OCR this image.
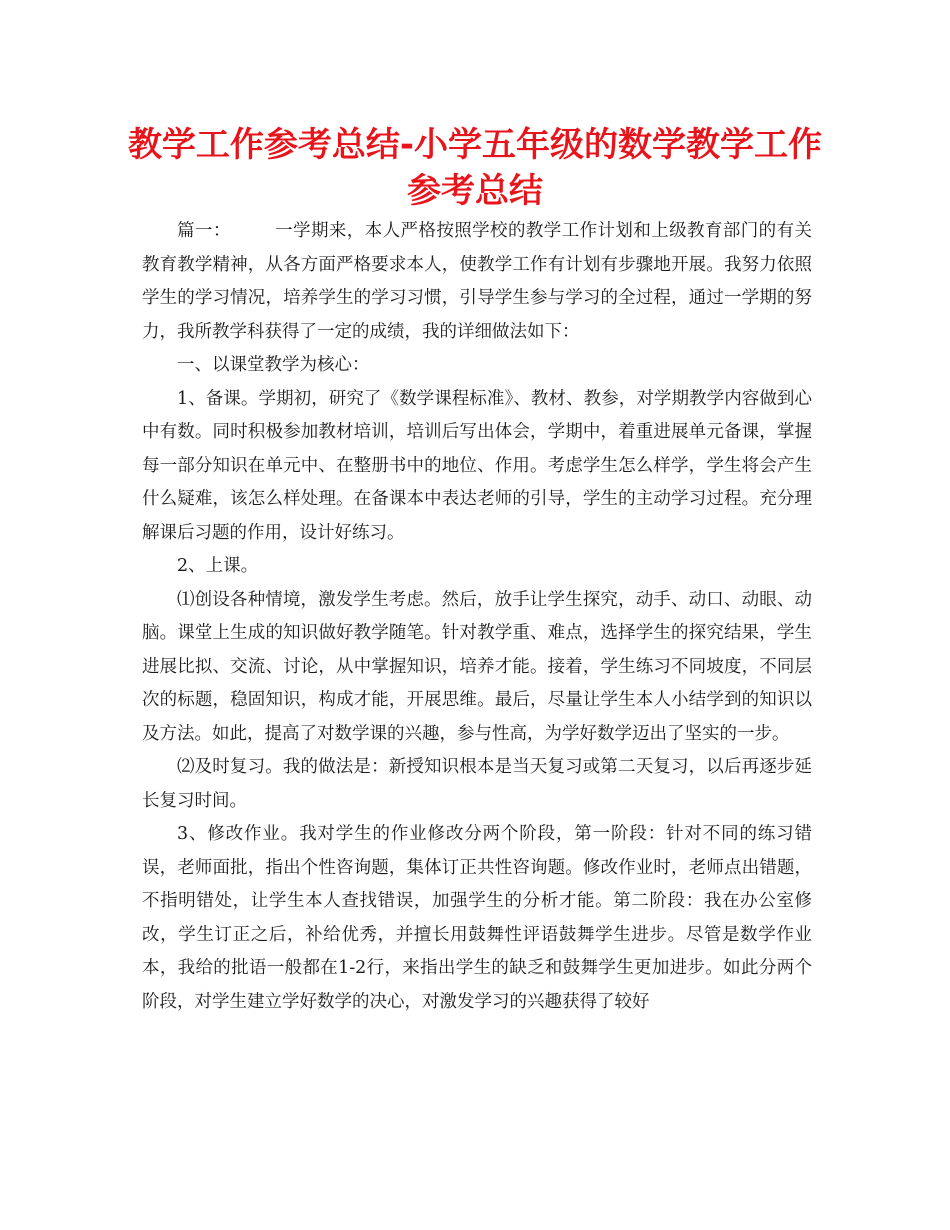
教学工作参考总结-小学五年级的数学教学工作参考总结

篇一：	一学期来，本人严格按照学校的教学工作计划和上级教育部门的有关教育教学精神，从各方面严格要求本人，使教学工作有计划有步骤地开展。我努力依照学生的学习情况，培养学生的学习习惯，引导学生参与学习的全过程，通过一学期的努力，我所教学科获得了一定的成绩，我的详细做法如下：

一、以课堂教学为核心：

1、备课。学期初，研究了《数学课程标准》、教材、教参，对学期教学内容做到心中有数。同时积极参加教材培训，培训后写出体会，学期中，着重进展单元备课，掌握每一部分知识在单元中、在整册书中的地位、作用。考虑学生怎么样学，学生将会产生什么疑难，该怎么样处理。在备课本中表达老师的引导，学生的主动学习过程。充分理解课后习题的作用，设计好练习。

2、上课。

⑴创设各种情境，激发学生考虑。然后，放手让学生探究，动手、动口、动眼、动脑。课堂上生成的知识做好教学随笔。针对教学重、难点，选择学生的探究结果，学生进展比拟、交流、讨论，从中掌握知识，培养才能。接着，学生练习不同坡度，不同层次的标题，稳固知识，构成才能，开展思维。最后，尽量让学生本人小结学到的知识以及方法。如此，提高了对数学课的兴趣，参与性高，为学好数学迈出了坚实的一步。

⑵及时复习。我的做法是：新授知识根本是当天复习或第二天复习，以后再逐步延长复习时间。

3、修改作业。我对学生的作业修改分两个阶段，第一阶段：针对不同的练习错误，老师面批，指出个性咨询题，集体订正共性咨询题。修改作业时，老师点出错题，不指明错处，让学生本人查找错误，加强学生的分析才能。第二阶段：我在办公室修改，学生订正之后，补给优秀，并擅长用鼓舞性评语鼓舞学生进步。尽管是数学作业本，我给的批语一般都在1-2行，来指出学生的缺乏和鼓舞学生更加进步。如此分两个阶段，对学生建立学好数学的决心，对激发学习的兴趣获得了较好
